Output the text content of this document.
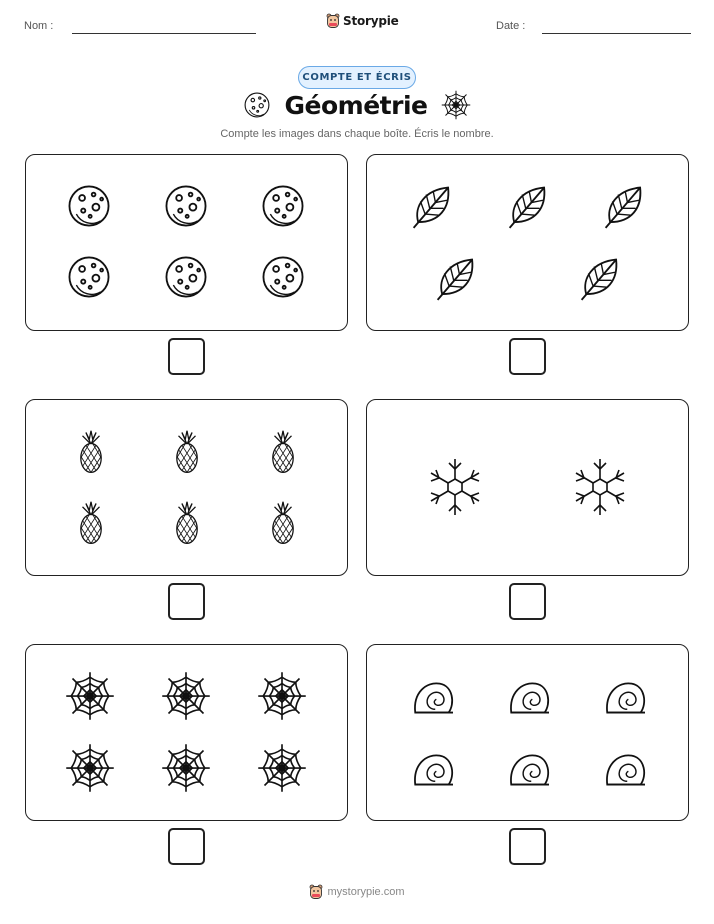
Nom :	Storypie	Date :
COMPTE ET ÉCRIS
Géométrie
Compte les images dans chaque boîte. Écris le nombre.
mystorypie.com
